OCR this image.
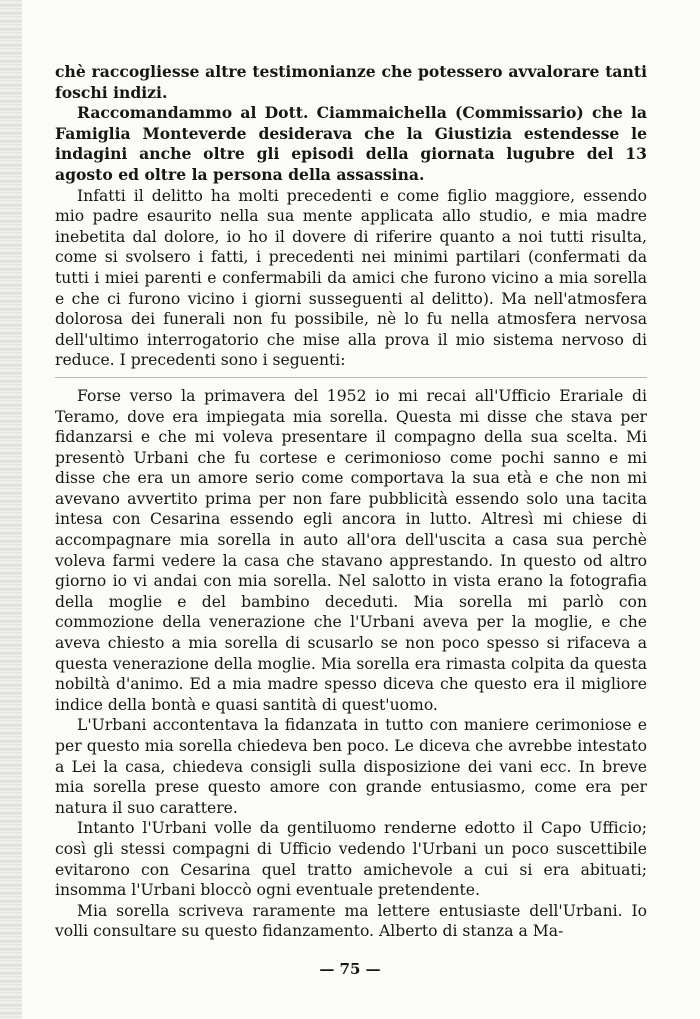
chè raccogliesse altre testimonianze che potessero avvalorare tanti foschi indizi.

Raccomandammo al Dott. Ciammaichella (Commissario) che la Famiglia Monteverde desiderava che la Giustizia estendesse le indagini anche oltre gli episodi della giornata lugubre del 13 agosto ed oltre la persona della assassina.

Infatti il delitto ha molti precedenti e come figlio maggiore, essendo mio padre esaurito nella sua mente applicata allo studio, e mia madre inebetita dal dolore, io ho il dovere di riferire quanto a noi tutti risulta, come si svolsero i fatti, i precedenti nei minimi partilari (confermati da tutti i miei parenti e confermabili da amici che furono vicino a mia sorella e che ci furono vicino i giorni susseguenti al delitto). Ma nell'atmosfera dolorosa dei funerali non fu possibile, nè lo fu nella atmosfera nervosa dell'ultimo interrogatorio che mise alla prova il mio sistema nervoso di reduce. I precedenti sono i seguenti:

Forse verso la primavera del 1952 io mi recai all'Ufficio Erariale di Teramo, dove era impiegata mia sorella. Questa mi disse che stava per fidanzarsi e che mi voleva presentare il compagno della sua scelta. Mi presentò Urbani che fu cortese e cerimonioso come pochi sanno e mi disse che era un amore serio come comportava la sua età e che non mi avevano avvertito prima per non fare pubblicità essendo solo una tacita intesa con Cesarina essendo egli ancora in lutto. Altresì mi chiese di accompagnare mia sorella in auto all'ora dell'uscita a casa sua perchè voleva farmi vedere la casa che stavano apprestando. In questo od altro giorno io vi andai con mia sorella. Nel salotto in vista erano la fotografia della moglie e del bambino deceduti. Mia sorella mi parlò con commozione della venerazione che l'Urbani aveva per la moglie, e che aveva chiesto a mia sorella di scusarlo se non poco spesso si rifaceva a questa venerazione della moglie. Mia sorella era rimasta colpita da questa nobiltà d'animo. Ed a mia madre spesso diceva che questo era il migliore indice della bontà e quasi santità di quest'uomo.

L'Urbani accontentava la fidanzata in tutto con maniere cerimoniose e per questo mia sorella chiedeva ben poco. Le diceva che avrebbe intestato a Lei la casa, chiedeva consigli sulla disposizione dei vani ecc. In breve mia sorella prese questo amore con grande entusiasmo, come era per natura il suo carattere.

Intanto l'Urbani volle da gentiluomo renderne edotto il Capo Ufficio; così gli stessi compagni di Ufficio vedendo l'Urbani un poco suscettibile evitarono con Cesarina quel tratto amichevole a cui si era abituati; insomma l'Urbani bloccò ogni eventuale pretendente.

Mia sorella scriveva raramente ma lettere entusiaste dell'Urbani. Io volli consultare su questo fidanzamento. Alberto di stanza a Ma-

— 75 —
